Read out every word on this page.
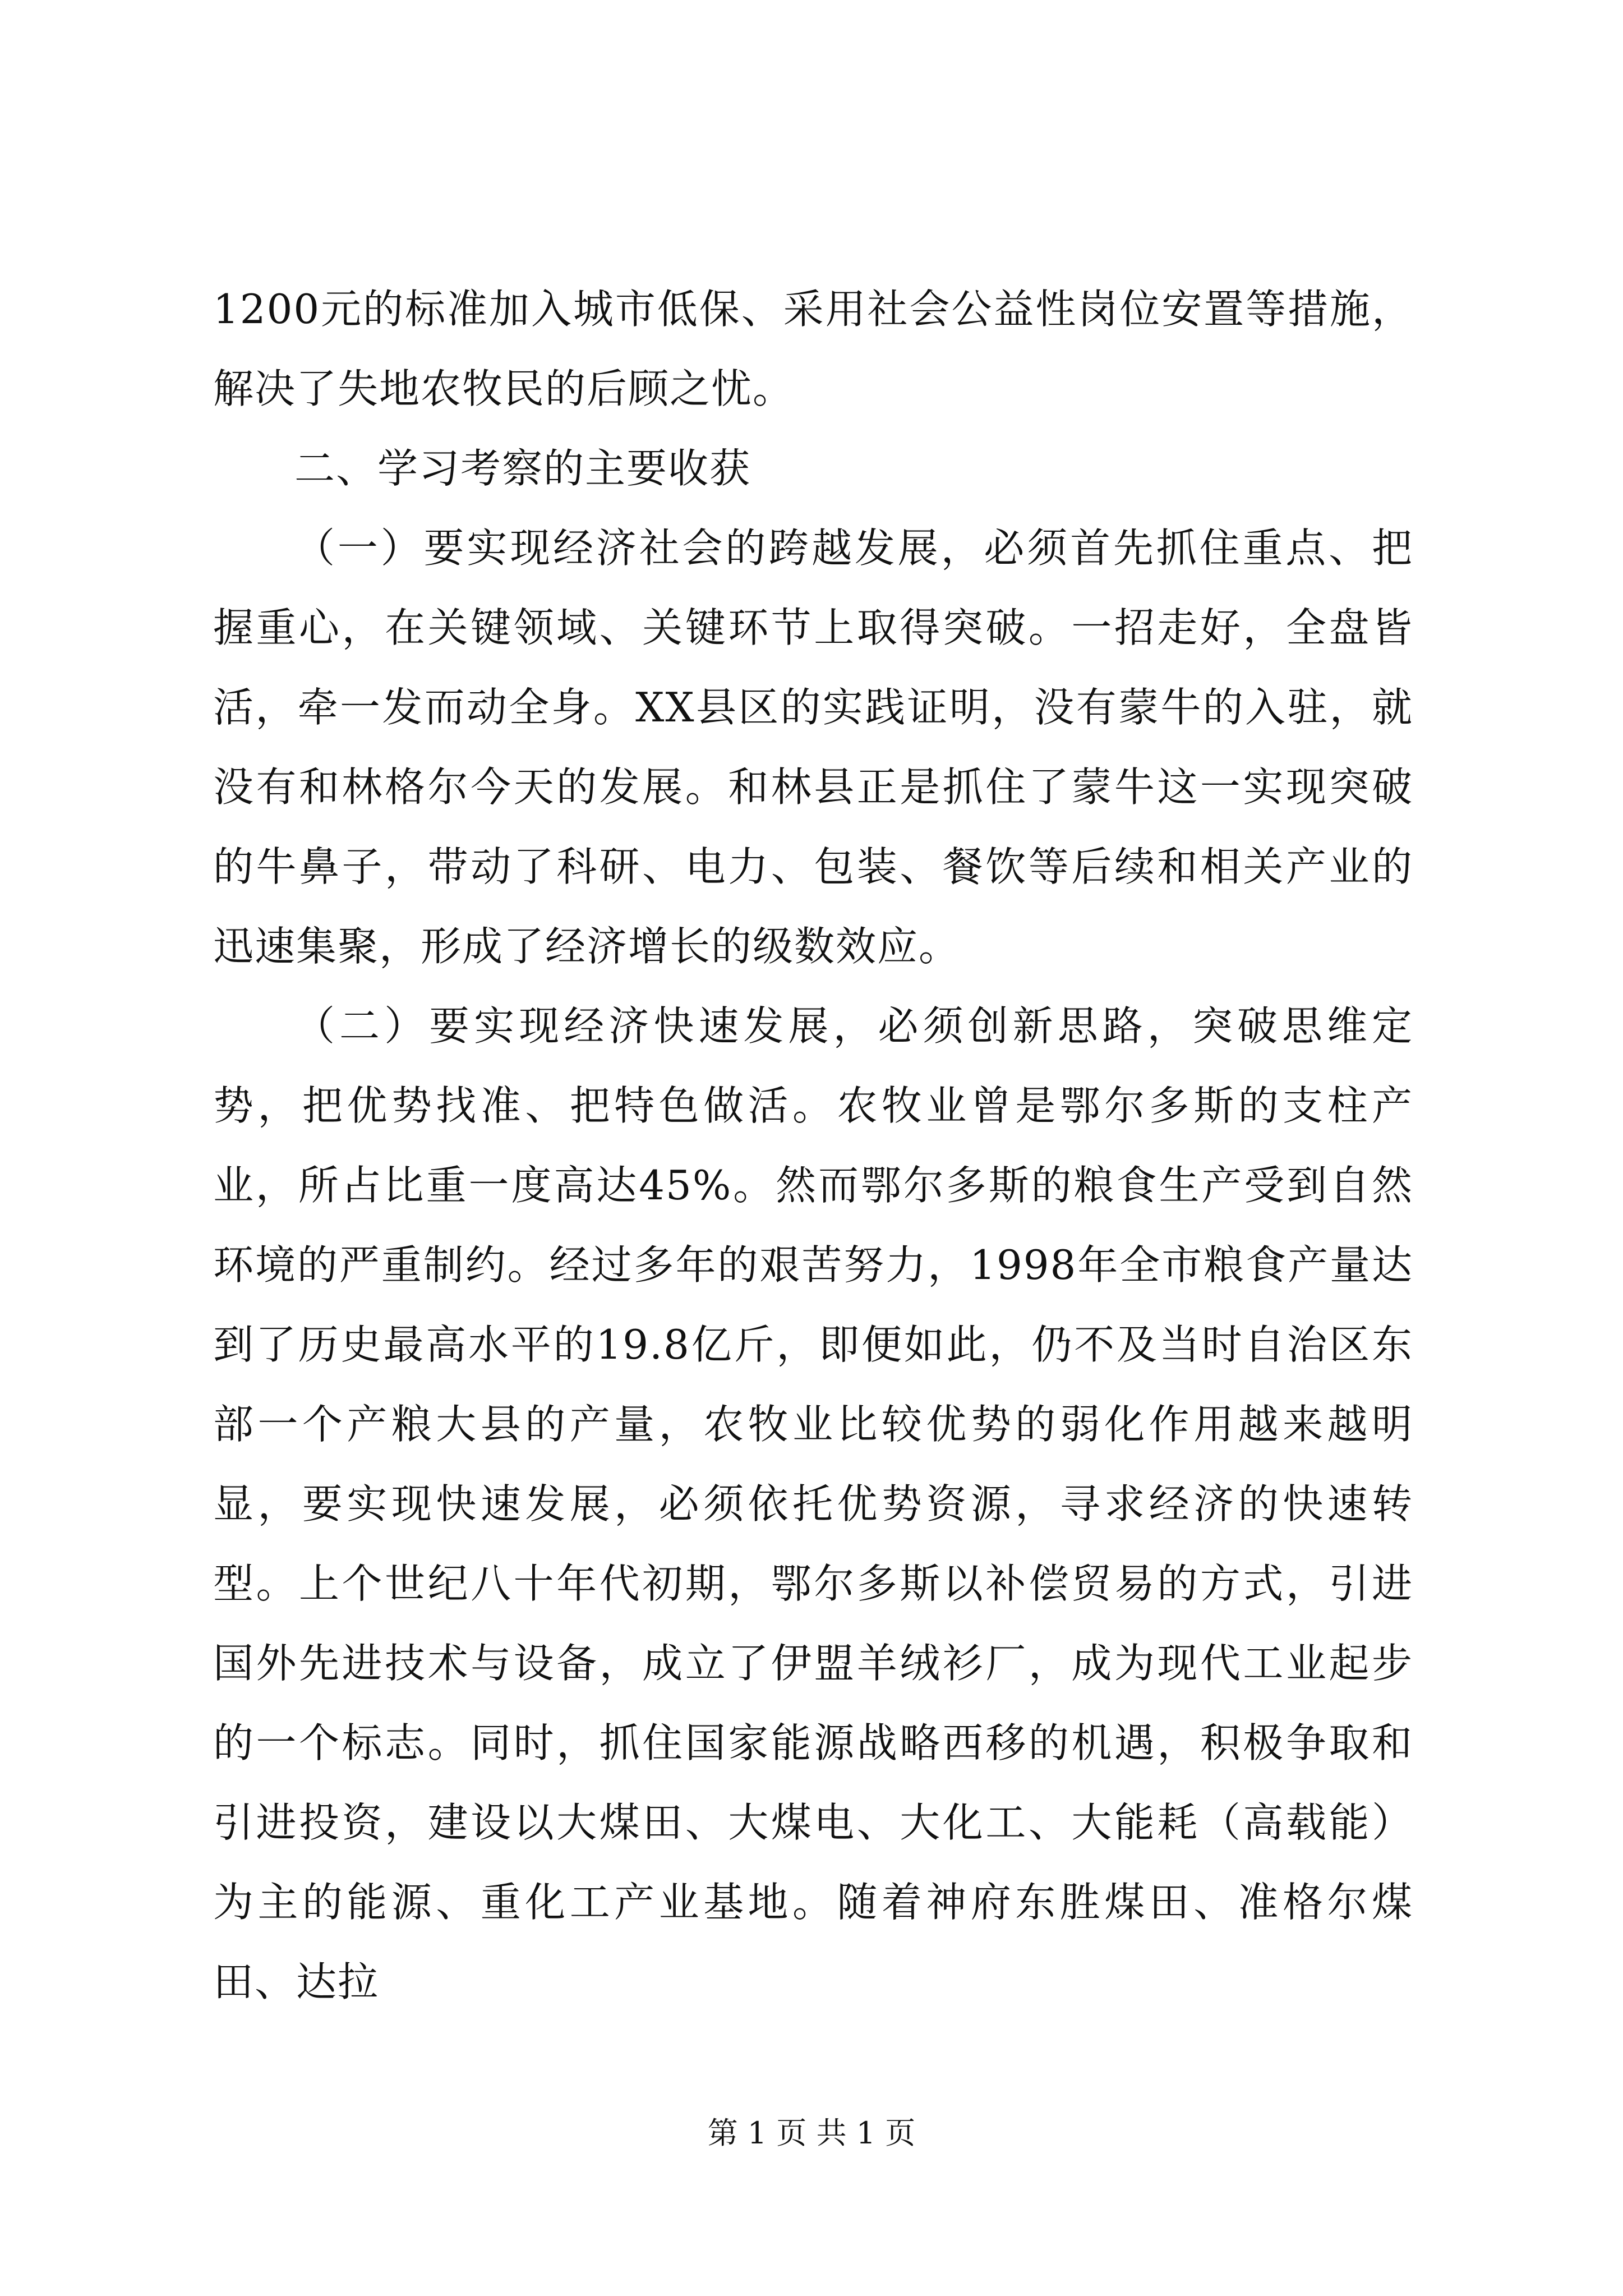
1200元的标准加入城市低保、采用社会公益性岗位安置等措施，解决了失地农牧民的后顾之忧。

二、学习考察的主要收获

（一）要实现经济社会的跨越发展，必须首先抓住重点、把握重心，在关键领域、关键环节上取得突破。一招走好，全盘皆活，牵一发而动全身。XX县区的实践证明，没有蒙牛的入驻，就没有和林格尔今天的发展。和林县正是抓住了蒙牛这一实现突破的牛鼻子，带动了科研、电力、包装、餐饮等后续和相关产业的迅速集聚，形成了经济增长的级数效应。

（二）要实现经济快速发展，必须创新思路，突破思维定势，把优势找准、把特色做活。农牧业曾是鄂尔多斯的支柱产业，所占比重一度高达45%。然而鄂尔多斯的粮食生产受到自然环境的严重制约。经过多年的艰苦努力，1998年全市粮食产量达到了历史最高水平的19.8亿斤，即便如此，仍不及当时自治区东部一个产粮大县的产量，农牧业比较优势的弱化作用越来越明显，要实现快速发展，必须依托优势资源，寻求经济的快速转型。上个世纪八十年代初期，鄂尔多斯以补偿贸易的方式，引进国外先进技术与设备，成立了伊盟羊绒衫厂，成为现代工业起步的一个标志。同时，抓住国家能源战略西移的机遇，积极争取和引进投资，建设以大煤田、大煤电、大化工、大能耗（高载能）为主的能源、重化工产业基地。随着神府东胜煤田、准格尔煤田、达拉

第 1 页 共 1 页
